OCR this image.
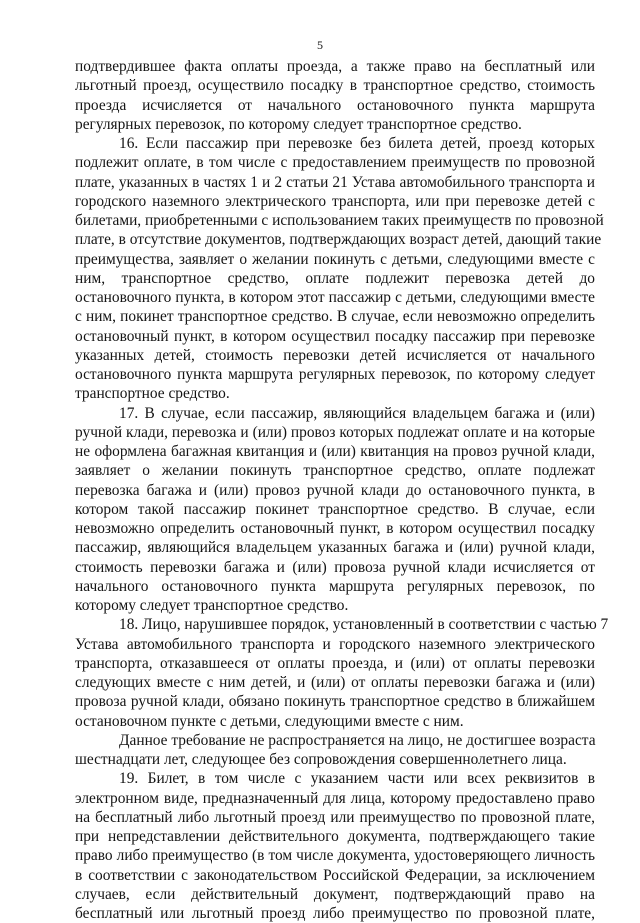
5
подтвердившее факта оплаты проезда, а также право на бесплатный или
льготный проезд, осуществило посадку в транспортное средство, стоимость
проезда исчисляется от начального остановочного пункта маршрута
регулярных перевозок, по которому следует транспортное средство.
16. Если пассажир при перевозке без билета детей, проезд которых
подлежит оплате, в том числе с предоставлением преимуществ по провозной
плате, указанных в частях 1 и 2 статьи 21 Устава автомобильного транспорта и
городского наземного электрического транспорта, или при перевозке детей с
билетами, приобретенными с использованием таких преимуществ по провозной
плате, в отсутствие документов, подтверждающих возраст детей, дающий такие
преимущества, заявляет о желании покинуть с детьми, следующими вместе с
ним, транспортное средство, оплате подлежит перевозка детей до
остановочного пункта, в котором этот пассажир с детьми, следующими вместе
с ним, покинет транспортное средство. В случае, если невозможно определить
остановочный пункт, в котором осуществил посадку пассажир при перевозке
указанных детей, стоимость перевозки детей исчисляется от начального
остановочного пункта маршрута регулярных перевозок, по которому следует
транспортное средство.
17. В случае, если пассажир, являющийся владельцем багажа и (или)
ручной клади, перевозка и (или) провоз которых подлежат оплате и на которые
не оформлена багажная квитанция и (или) квитанция на провоз ручной клади,
заявляет о желании покинуть транспортное средство, оплате подлежат
перевозка багажа и (или) провоз ручной клади до остановочного пункта, в
котором такой пассажир покинет транспортное средство. В случае, если
невозможно определить остановочный пункт, в котором осуществил посадку
пассажир, являющийся владельцем указанных багажа и (или) ручной клади,
стоимость перевозки багажа и (или) провоза ручной клади исчисляется от
начального остановочного пункта маршрута регулярных перевозок, по
которому следует транспортное средство.
18. Лицо, нарушившее порядок, установленный в соответствии с частью 7
Устава автомобильного транспорта и городского наземного электрического
транспорта, отказавшееся от оплаты проезда, и (или) от оплаты перевозки
следующих вместе с ним детей, и (или) от оплаты перевозки багажа и (или)
провоза ручной клади, обязано покинуть транспортное средство в ближайшем
остановочном пункте с детьми, следующими вместе с ним.
Данное требование не распространяется на лицо, не достигшее возраста
шестнадцати лет, следующее без сопровождения совершеннолетнего лица.
19. Билет, в том числе с указанием части или всех реквизитов в
электронном виде, предназначенный для лица, которому предоставлено право
на бесплатный либо льготный проезд или преимущество по провозной плате,
при непредставлении действительного документа, подтверждающего такие
право либо преимущество (в том числе документа, удостоверяющего личность
в соответствии с законодательством Российской Федерации, за исключением
случаев, если действительный документ, подтверждающий право на
бесплатный или льготный проезд либо преимущество по провозной плате,
